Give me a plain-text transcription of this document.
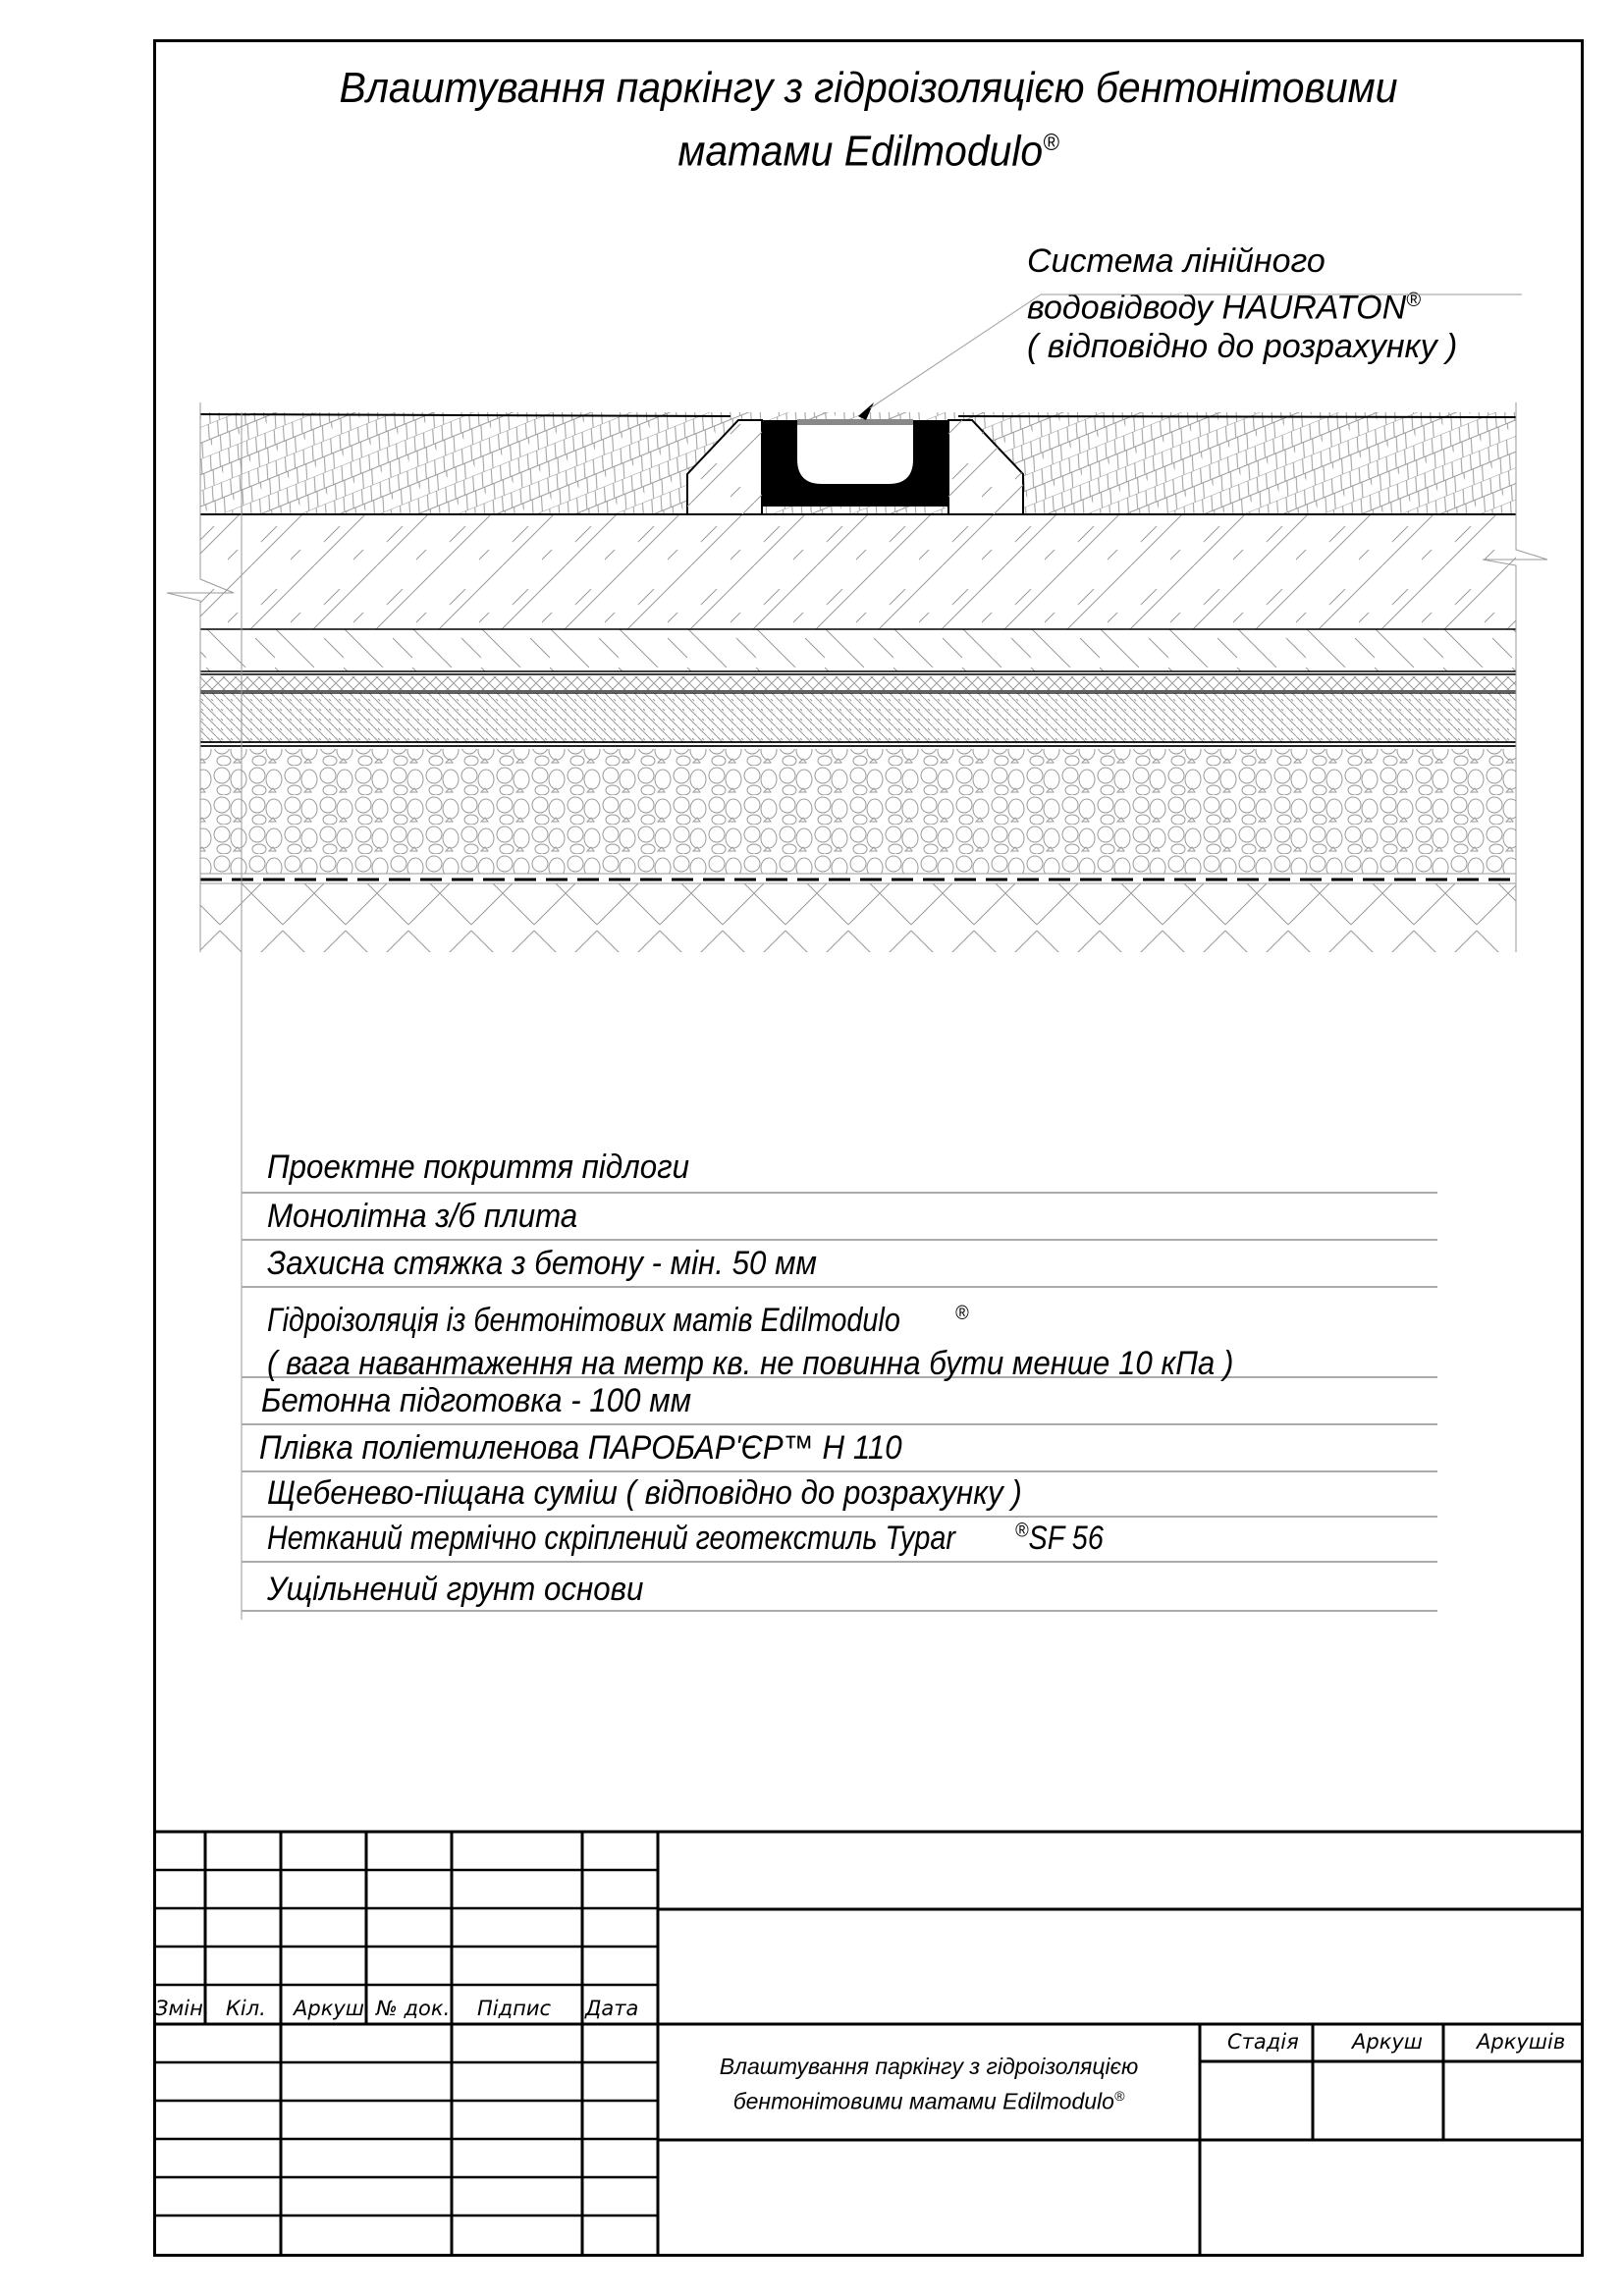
Влаштування паркінгу з гідроізоляцією бентонітовими
матами Edilmodulo®
Система лінійного
водовідводу HAURATON®
( відповідно до розрахунку )
Проектне покриття підлоги
Монолітна з/б плита
Захисна стяжка з бетону - мін. 50 мм
Гідроізоляція із бентонітових матів Edilmodulo	®
( вага навантаження на метр кв. не повинна бути менше 10 кПа )
Бетонна підготовка - 100 мм
Плівка поліетиленова ПАРОБАР'ЄР™ Н 110
Щебенево-піщана суміш ( відповідно до розрахунку )
Нетканий термічно скріплений геотекстиль Typar	®SF 56
Ущільнений грунт основи
Змін. Кіл. Аркуш № док. Підпис Дата
Влаштування паркінгу з гідроізоляцією
бентонітовими матами Edilmodulo®
Стадія	Аркуш	Аркушів
